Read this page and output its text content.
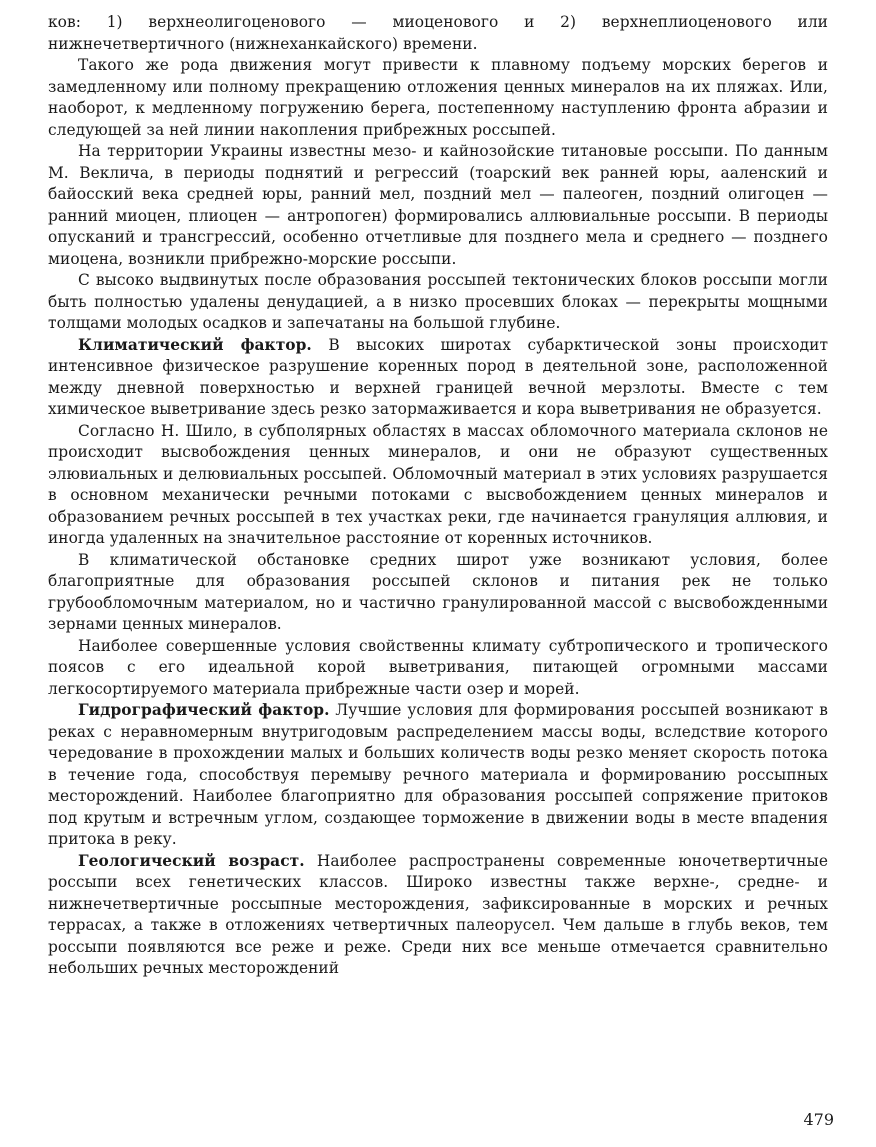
ков: 1) верхнеолигоценового — миоценового и 2) верхнеплиоценового или нижнечетвертичного (нижнеханкайского) времени.

Такого же рода движения могут привести к плавному подъему морских берегов и замедленному или полному прекращению отложения ценных минералов на их пляжах. Или, наоборот, к медленному погружению берега, постепенному наступлению фронта абразии и следующей за ней линии накопления прибрежных россыпей.

На территории Украины известны мезо- и кайнозойские титановые россыпи. По данным М. Веклича, в периоды поднятий и регрессий (тоарский век ранней юры, ааленский и байосский века средней юры, ранний мел, поздний мел — палеоген, поздний олигоцен — ранний миоцен, плиоцен — антропоген) формировались аллювиальные россыпи. В периоды опусканий и трансгрессий, особенно отчетливые для позднего мела и среднего — позднего миоцена, возникли прибрежно-морские россыпи.

С высоко выдвинутых после образования россыпей тектонических блоков россыпи могли быть полностью удалены денудацией, а в низко просевших блоках — перекрыты мощными толщами молодых осадков и запечатаны на большой глубине.

Климатический фактор. В высоких широтах субарктической зоны происходит интенсивное физическое разрушение коренных пород в деятельной зоне, расположенной между дневной поверхностью и верхней границей вечной мерзлоты. Вместе с тем химическое выветривание здесь резко затормаживается и кора выветривания не образуется.

Согласно Н. Шило, в субполярных областях в массах обломочного материала склонов не происходит высвобождения ценных минералов, и они не образуют существенных элювиальных и делювиальных россыпей. Обломочный материал в этих условиях разрушается в основном механически речными потоками с высвобождением ценных минералов и образованием речных россыпей в тех участках реки, где начинается грануляция аллювия, и иногда удаленных на значительное расстояние от коренных источников.

В климатической обстановке средних широт уже возникают условия, более благоприятные для образования россыпей склонов и питания рек не только грубообломочным материалом, но и частично гранулированной массой с высвобожденными зернами ценных минералов.

Наиболее совершенные условия свойственны климату субтропического и тропического поясов с его идеальной корой выветривания, питающей огромными массами легкосортируемого материала прибрежные части озер и морей.

Гидрографический фактор. Лучшие условия для формирования россыпей возникают в реках с неравномерным внутригодовым распределением массы воды, вследствие которого чередование в прохождении малых и больших количеств воды резко меняет скорость потока в течение года, способствуя перемыву речного материала и формированию россыпных месторождений. Наиболее благоприятно для образования россыпей сопряжение притоков под крутым и встречным углом, создающее торможение в движении воды в месте впадения притока в реку.

Геологический возраст. Наиболее распространены современные юночетвертичные россыпи всех генетических классов. Широко известны также верхне-, средне- и нижнечетвертичные россыпные месторождения, зафиксированные в морских и речных террасах, а также в отложениях четвертичных палеорусел. Чем дальше в глубь веков, тем россыпи появляются все реже и реже. Среди них все меньше отмечается сравнительно небольших речных месторождений

479
